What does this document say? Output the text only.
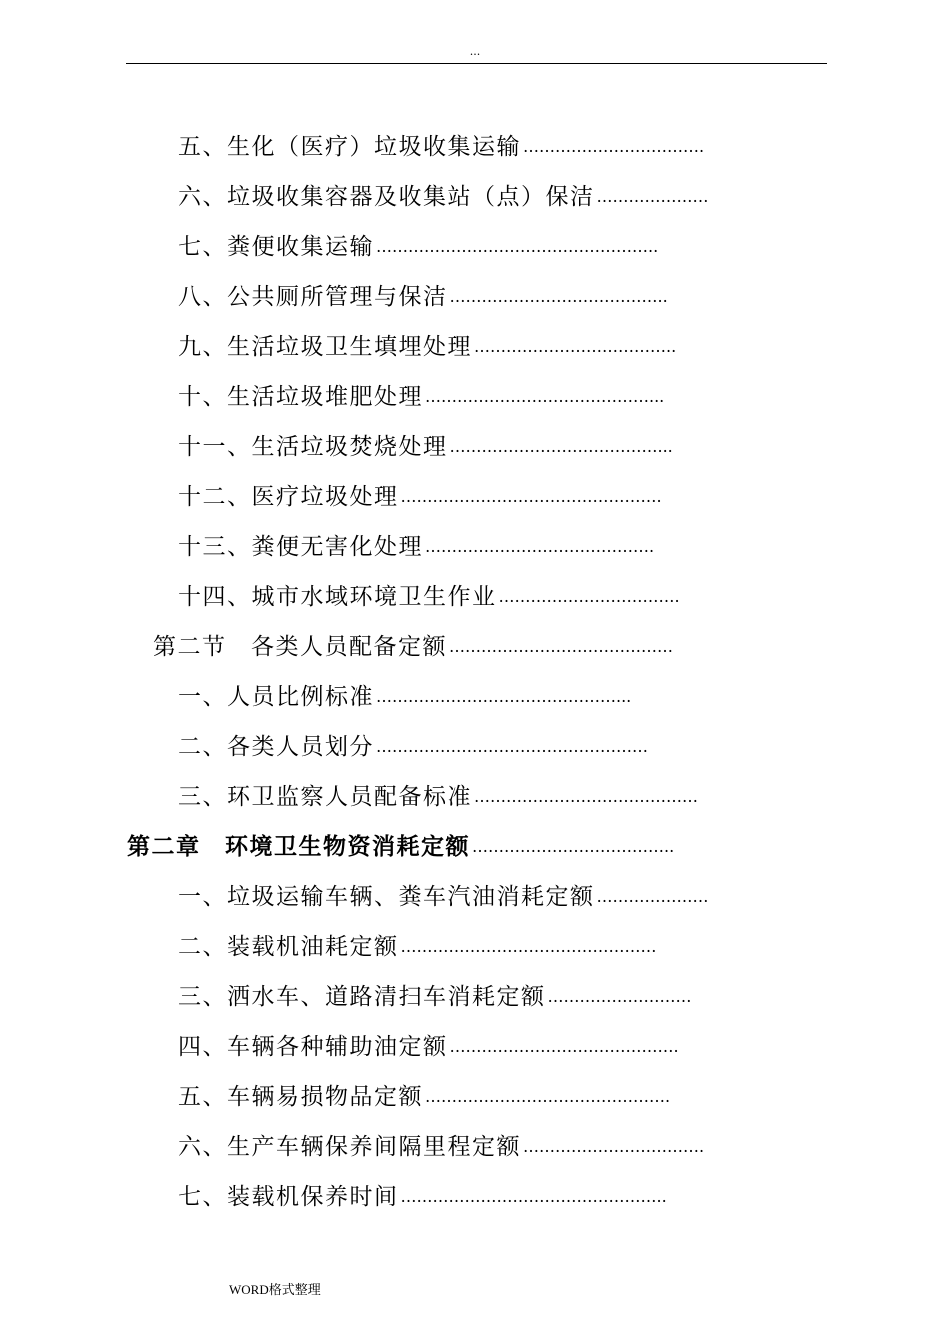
...
五、生化（医疗）垃圾收集运输 …………………………….
六、垃圾收集容器及收集站（点）保洁 …………………
七、粪便收集运输 ……………………………………………..
八、公共厕所管理与保洁 …………………………………..
九、生活垃圾卫生填埋处理 ………………………………..
十、生活垃圾堆肥处理 ……………………………………...
十一、生活垃圾焚烧处理 …………………………………...
十二、医疗垃圾处理 ………………………………………….
十三、粪便无害化处理 …………………………………….
十四、城市水域环境卫生作业 …………………………….
第二节　各类人员配备定额 ……………………………………
一、人员比例标准 ………………………………………...
二、各类人员划分 ……………………………………………
三、环卫监察人员配备标准 ……………………………………
第二章　环境卫生物资消耗定额 ………………………………..
一、垃圾运输车辆、粪车汽油消耗定额 …………………
二、装载机油耗定额 …………………………………………
三、洒水车、道路清扫车消耗定额 ………………………
四、车辆各种辅助油定额 …………………………………….
五、车辆易损物品定额 ……………………………………….
六、生产车辆保养间隔里程定额 …………………………….
七、装载机保养时间 …………………………………………..
WORD格式整理
